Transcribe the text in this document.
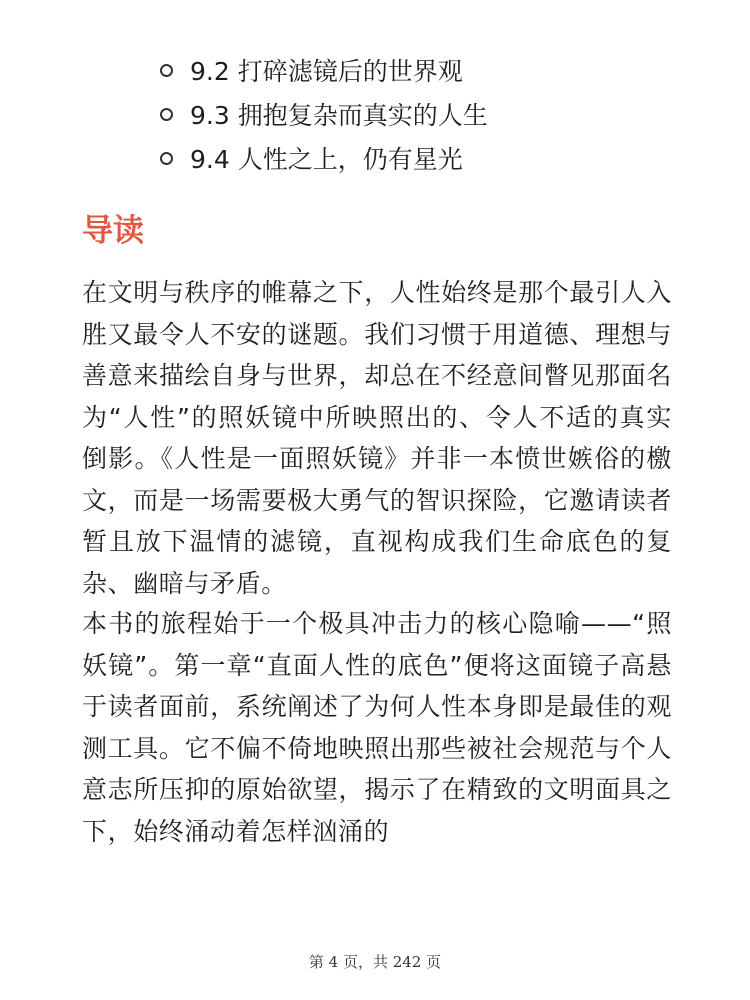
9.2 打碎滤镜后的世界观
9.3 拥抱复杂而真实的人生
9.4 人性之上，仍有星光
导读

在文明与秩序的帷幕之下，人性始终是那个最引人入胜又最令人不安的谜题。我们习惯于用道德、理想与善意来描绘自身与世界，却总在不经意间瞥见那面名为“人性”的照妖镜中所映照出的、令人不适的真实倒影。《人性是一面照妖镜》并非一本愤世嫉俗的檄文，而是一场需要极大勇气的智识探险，它邀请读者暂且放下温情的滤镜，直视构成我们生命底色的复杂、幽暗与矛盾。

本书的旅程始于一个极具冲击力的核心隐喻——“照妖镜”。第一章“直面人性的底色”便将这面镜子高悬于读者面前，系统阐述了为何人性本身即是最佳的观测工具。它不偏不倚地映照出那些被社会规范与个人意志所压抑的原始欲望，揭示了在精致的文明面具之下，始终涌动着怎样汹涌的

第 4 页，共 242 页
